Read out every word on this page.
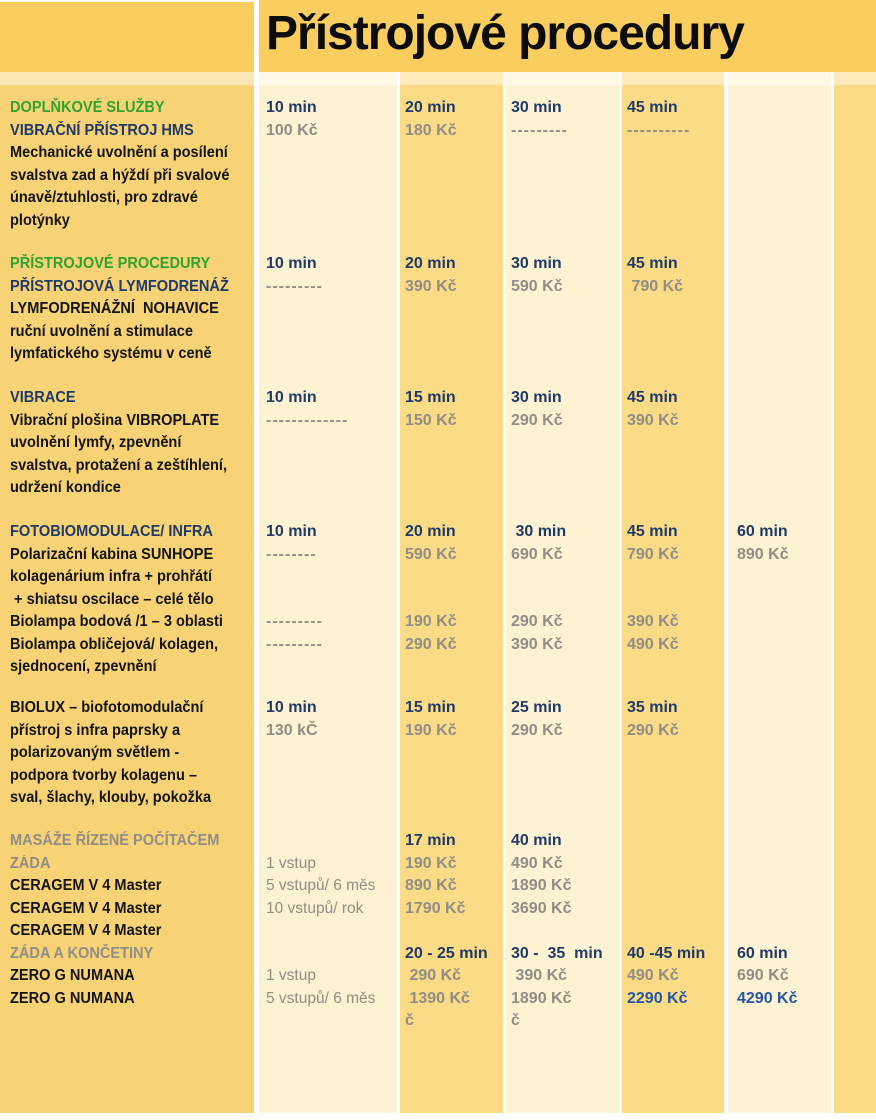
Přístrojové procedury
DOPLŇKOVÉ SLUŽBY
VIBRAČNÍ PŘÍSTROJ HMS
Mechanické uvolnění a posílení
svalstva zad a hýždí při svalové
únavě/ztuhlosti, pro zdravé
plotýnky
10 min
100 Kč
20 min
180 Kč
30 min
---------
45 min
----------
PŘÍSTROJOVÉ PROCEDURY
PŘÍSTROJOVÁ LYMFODRENÁŽ
LYMFODRENÁŽNÍ  NOHAVICE
ruční uvolnění a stimulace
lymfatického systému v ceně
10 min
---------
20 min
390 Kč
30 min
590 Kč
45 min
790 Kč
VIBRACE
Vibrační plošina VIBROPLATE
uvolnění lymfy, zpevnění
svalstva, protažení a zeštíhlení,
udržení kondice
10 min
-------------
15 min
150 Kč
30 min
290 Kč
45 min
390 Kč
FOTOBIOMODULACE/ INFRA
Polarizační kabina SUNHOPE
kolagenárium infra + prohřátí
+ shiatsu oscilace – celé tělo
Biolampa bodová /1 – 3 oblasti
Biolampa obličejová/ kolagen,
sjednocení, zpevnění
10 min
--------
---------
---------
20 min
590 Kč
190 Kč
290 Kč
30 min
690 Kč
290 Kč
390 Kč
45 min
790 Kč
390 Kč
490 Kč
60 min
890 Kč
BIOLUX – biofotomodulační
přístroj s infra paprsky a
polarizovaným světlem -
podpora tvorby kolagenu –
sval, šlachy, klouby, pokožka
10 min
130 kČ
15 min
190 Kč
25 min
290 Kč
35 min
290 Kč
MASÁŽE ŘÍZENÉ POČÍTAČEM
ZÁDA
CERAGEM V 4 Master
CERAGEM V 4 Master
CERAGEM V 4 Master
ZÁDA A KONČETINY
ZERO G NUMANA
ZERO G NUMANA
1 vstup
5 vstupů/ 6 měs
10 vstupů/ rok
1 vstup
5 vstupů/ 6 měs
17 min
190 Kč
890 Kč
1790 Kč
20 - 25 min
290 Kč
1390 Kč
č
40 min
490 Kč
1890 Kč
3690 Kč
30 -  35  min
390 Kč
1890 Kč
č
40 -45 min
490 Kč
2290 Kč
60 min
690 Kč
4290 Kč
